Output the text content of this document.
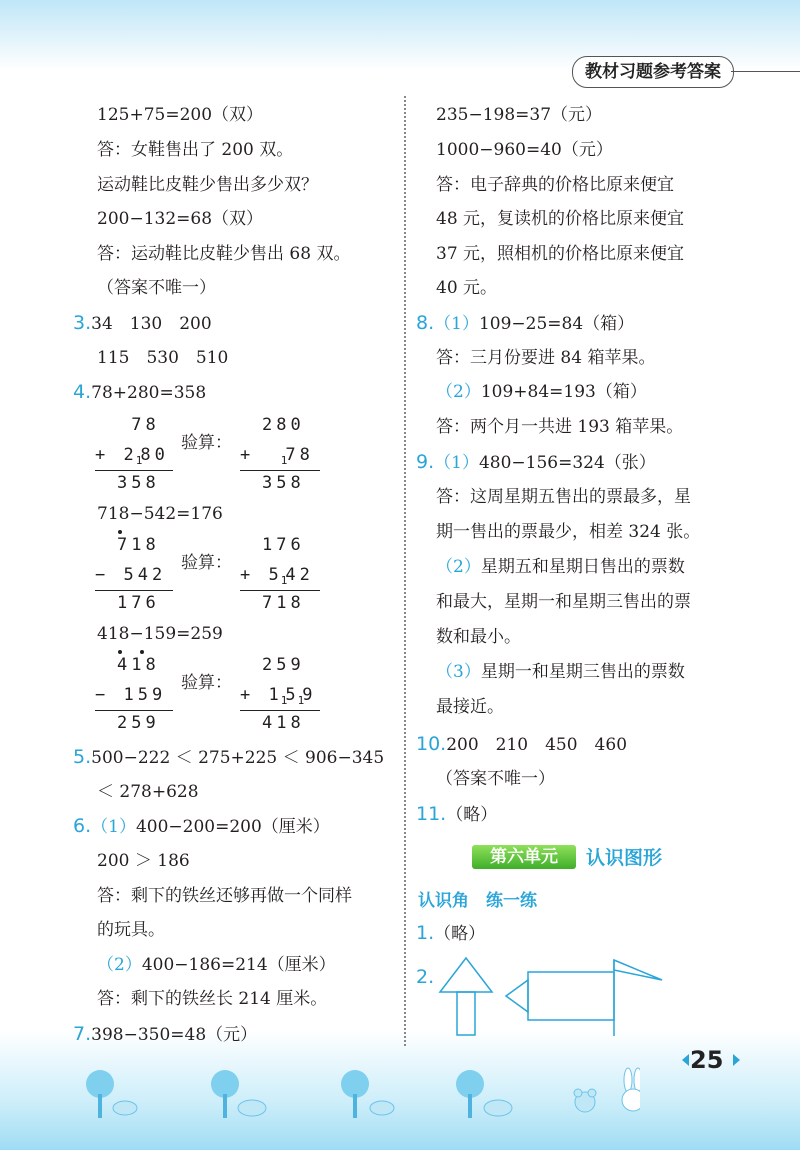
教材习题参考答案
125+75=200（双）
答：女鞋售出了 200 双。
运动鞋比皮鞋少售出多少双？
200−132=68（双）
答：运动鞋比皮鞋少售出 68 双。
（答案不唯一）
3.34　130　200
115　530　510
4.78+280=358
78
+ $2_180$
358
验算：
280
+ $_1$78
358
718−542=176
718
− 542
176
验算：
176
+ $5_142$
718
418−159=259
418
− 159
259
验算：
259
+ $1_15_19$
418
5.500−222 ＜ 275+225 ＜ 906−345
＜ 278+628
6.（1）400−200=200（厘米）
200 ＞ 186
答：剩下的铁丝还够再做一个同样
的玩具。
（2）400−186=214（厘米）
答：剩下的铁丝长 214 厘米。
7.398−350=48（元）
235−198=37（元）
1000−960=40（元）
答：电子辞典的价格比原来便宜
48 元，复读机的价格比原来便宜
37 元，照相机的价格比原来便宜
40 元。
8.（1）109−25=84（箱）
答：三月份要进 84 箱苹果。
（2）109+84=193（箱）
答：两个月一共进 193 箱苹果。
9.（1）480−156=324（张）
答：这周星期五售出的票最多，星
期一售出的票最少，相差 324 张。
（2）星期五和星期日售出的票数
和最大，星期一和星期三售出的票
数和最小。
（3）星期一和星期三售出的票数
最接近。
10.200　210　450　460
（答案不唯一）
11.（略）
第六单元	认识图形
认识角　练一练
1.（略）
2.
25
